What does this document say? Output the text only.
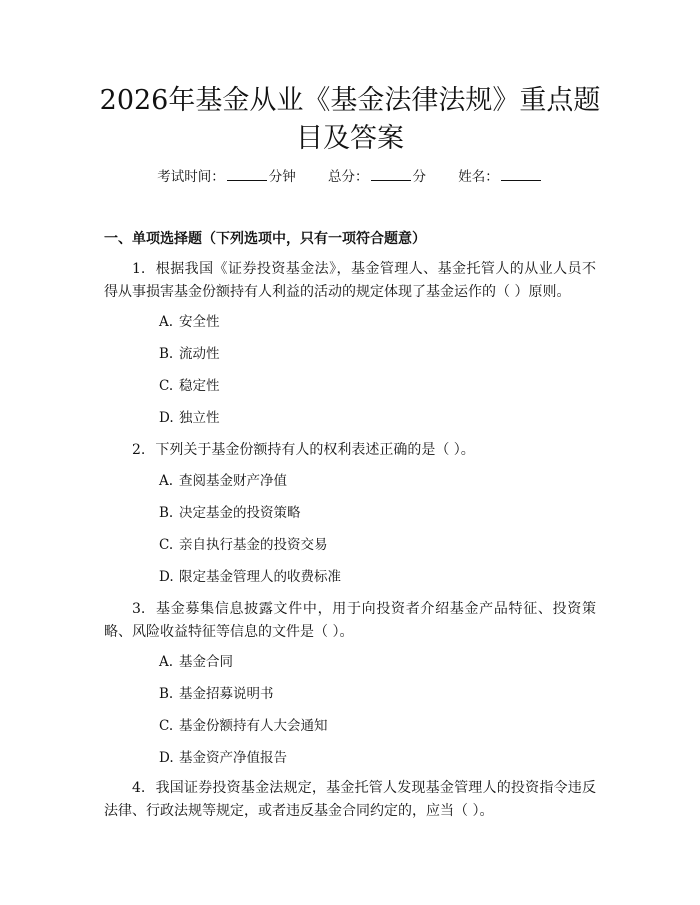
2026年基金从业《基金法律法规》重点题目及答案
考试时间：	分钟 总分：	分 姓名：
一、单项选择题（下列选项中，只有一项符合题意）
1. 根据我国《证券投资基金法》，基金管理人、基金托管人的从业人员不得从事损害基金份额持有人利益的活动的规定体现了基金运作的（ ）原则。
A. 安全性
B. 流动性
C. 稳定性
D. 独立性
2. 下列关于基金份额持有人的权利表述正确的是（ ）。
A. 查阅基金财产净值
B. 决定基金的投资策略
C. 亲自执行基金的投资交易
D. 限定基金管理人的收费标准
3. 基金募集信息披露文件中，用于向投资者介绍基金产品特征、投资策略、风险收益特征等信息的文件是（ ）。
A. 基金合同
B. 基金招募说明书
C. 基金份额持有人大会通知
D. 基金资产净值报告
4. 我国证券投资基金法规定，基金托管人发现基金管理人的投资指令违反法律、行政法规等规定，或者违反基金合同约定的，应当（ ）。
